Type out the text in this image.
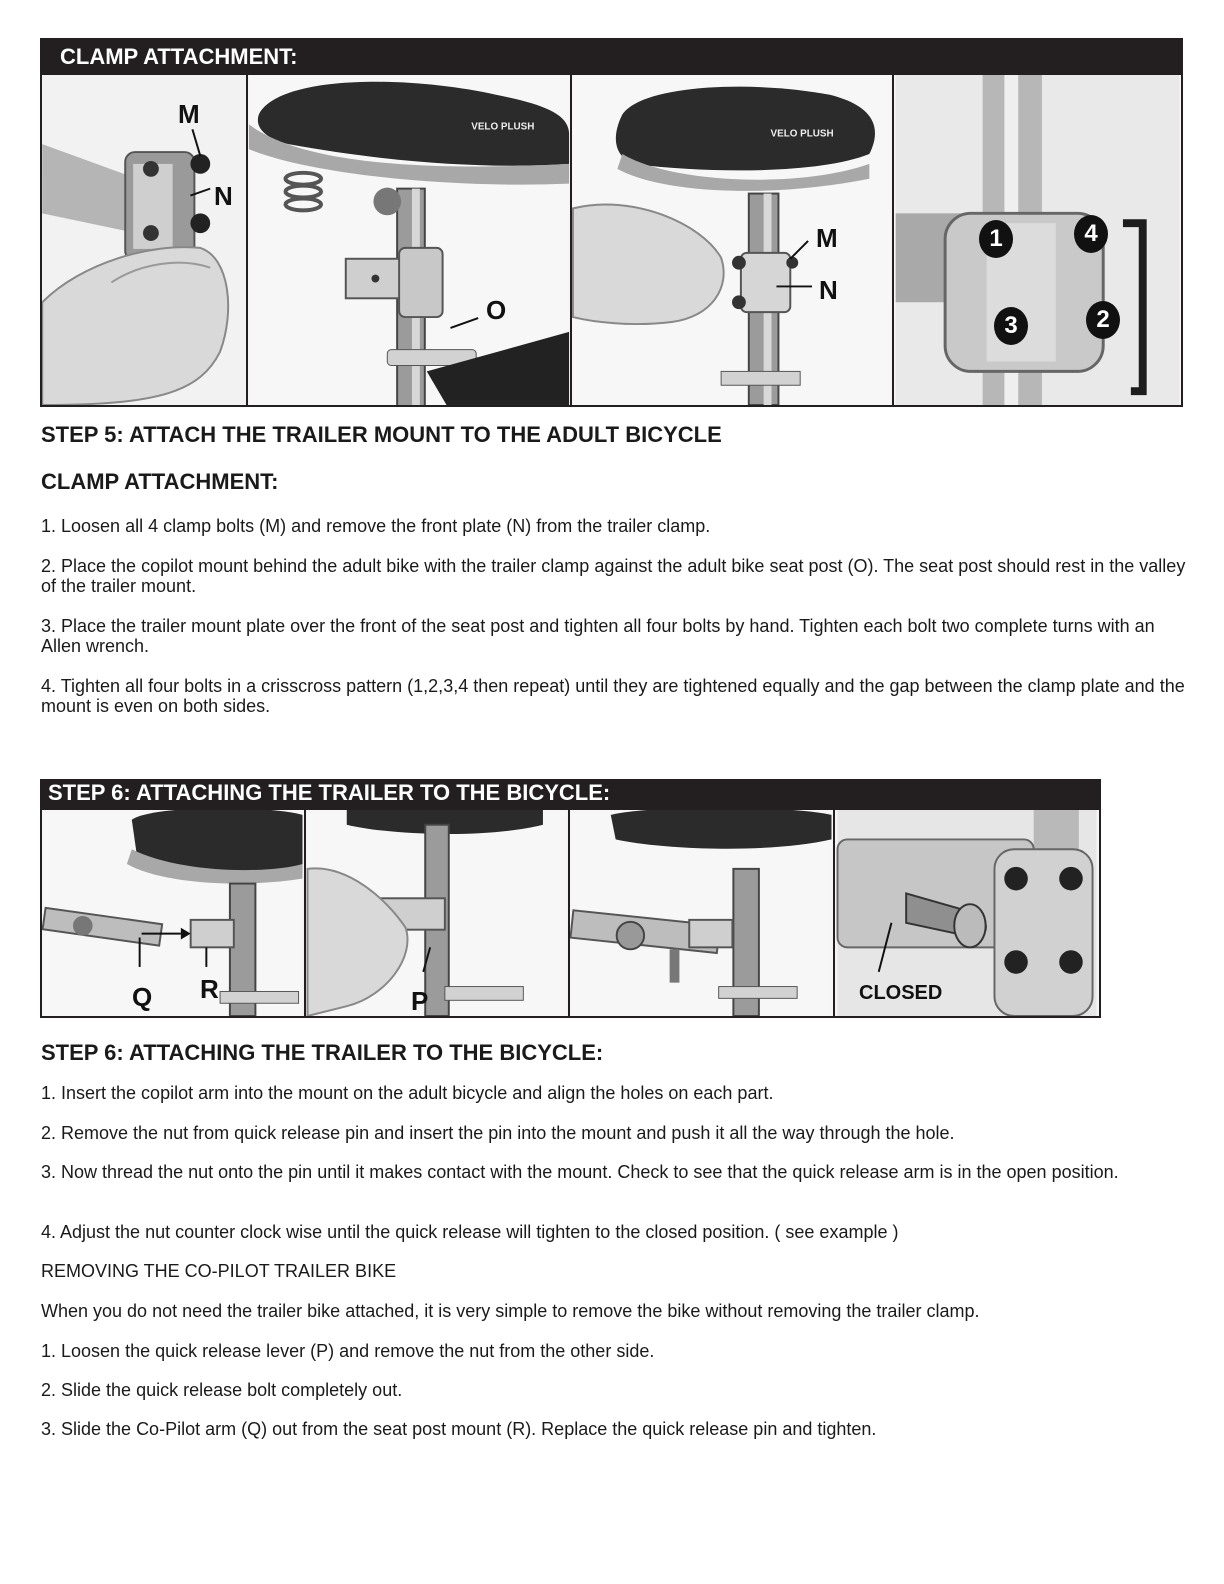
CLAMP ATTACHMENT:
M
N
VELO PLUSH
O
VELO PLUSH
M
N
1	4
3	2
STEP 5: ATTACH THE TRAILER MOUNT TO THE ADULT BICYCLE
CLAMP ATTACHMENT:

1. Loosen all 4 clamp bolts (M) and remove the front plate (N) from the trailer clamp.

2. Place the copilot mount behind the adult bike with the trailer clamp against the adult bike seat post (O). The seat post should rest in the valley of the trailer mount.

3. Place the trailer mount plate over the front of the seat post and tighten all four bolts by hand. Tighten each bolt two complete turns with an Allen wrench.

4. Tighten all four bolts in a crisscross pattern (1,2,3,4 then repeat) until they are tightened equally and the gap between the clamp plate and the mount is even on both sides.

STEP 6: ATTACHING THE TRAILER TO THE BICYCLE:
Q R	P	CLOSED
STEP 6: ATTACHING THE TRAILER TO THE BICYCLE:

1. Insert the copilot arm into the mount on the adult bicycle and align the holes on each part.

2. Remove the nut from quick release pin and insert the pin into the mount and push it all the way through the hole.

3. Now thread the nut onto the pin until it makes contact with the mount. Check to see that the quick release arm is in the open position.

4. Adjust the nut counter clock wise until the quick release will tighten to the closed position. ( see example )

REMOVING THE CO-PILOT TRAILER BIKE

When you do not need the trailer bike attached, it is very simple to remove the bike without removing the trailer clamp.

1. Loosen the quick release lever (P) and remove the nut from the other side.

2. Slide the quick release bolt completely out.

3. Slide the Co-Pilot arm (Q) out from the seat post mount (R). Replace the quick release pin and tighten.
